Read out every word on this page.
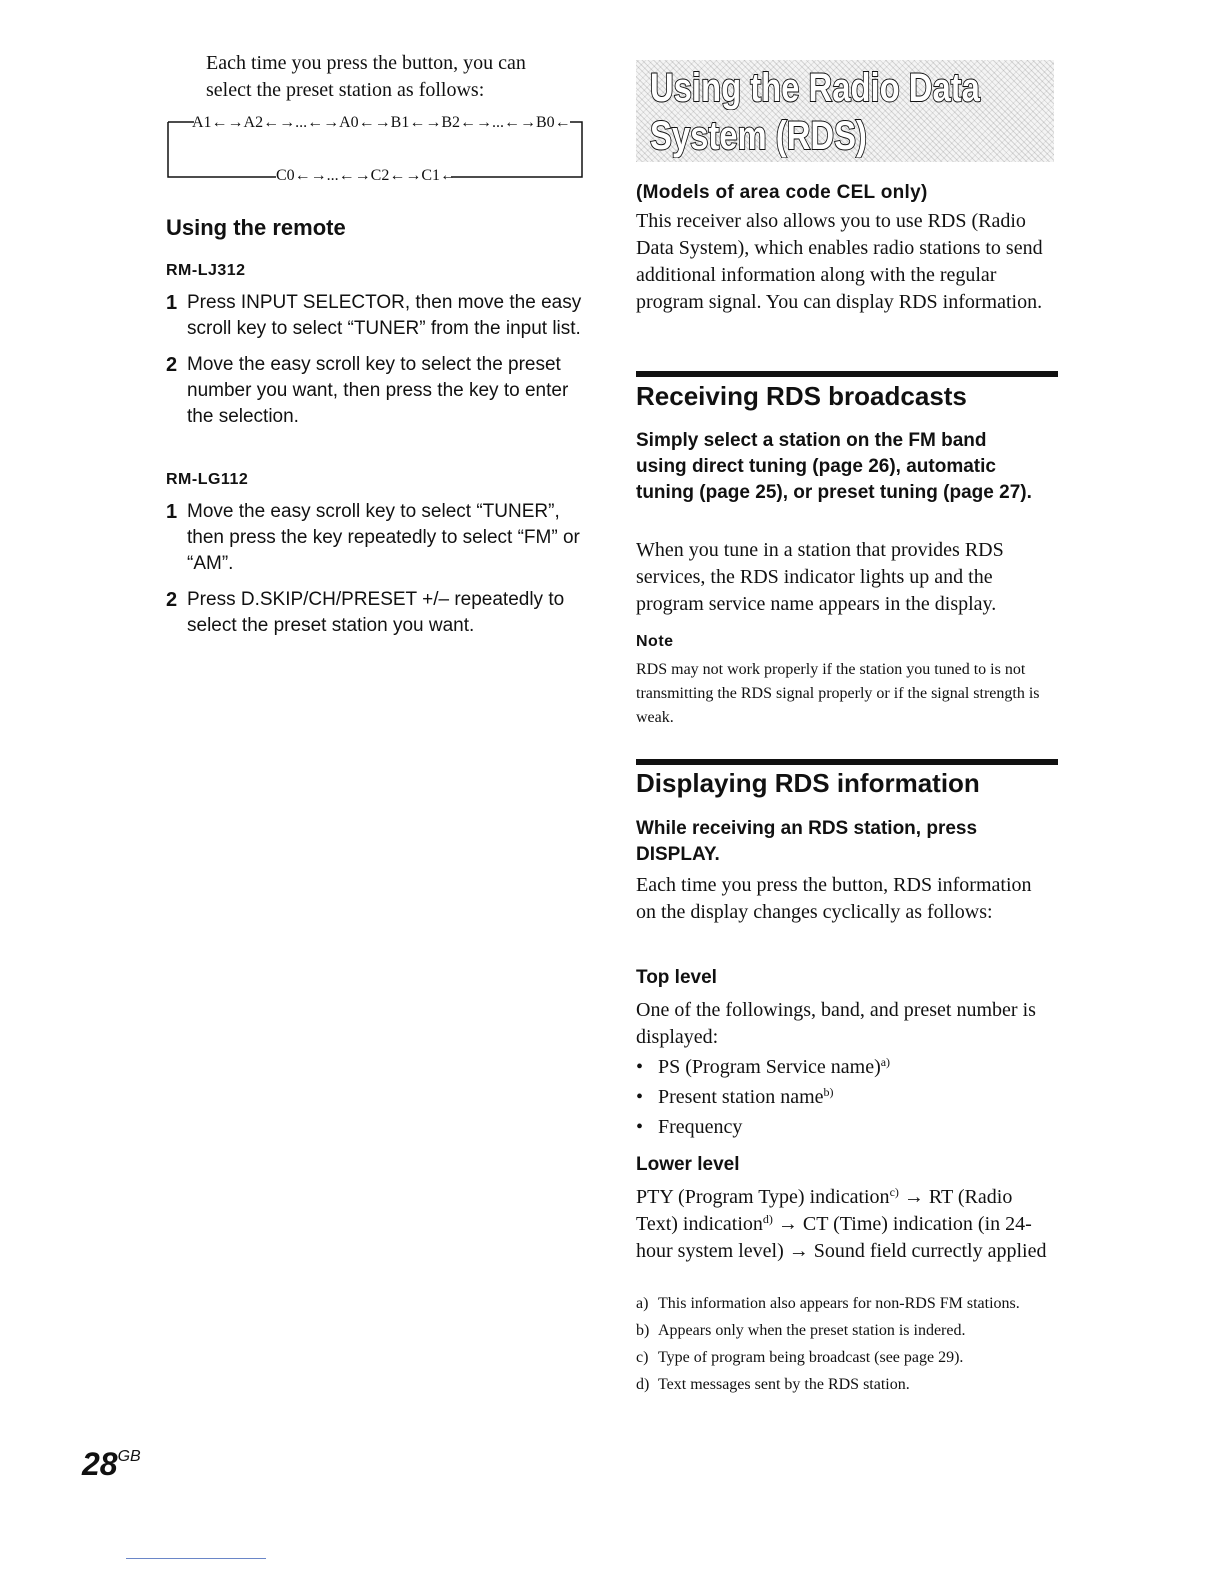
Each time you press the button, you can select the preset station as follows:
A1←→A2←→...←→A0←→B1←→B2←→...←→B0←
C0←→...←→C2←→C1←
Using the remote
RM-LJ312
1 Press INPUT SELECTOR, then move the easy scroll key to select “TUNER” from the input list.
2 Move the easy scroll key to select the preset number you want, then press the key to enter the selection.
RM-LG112
1 Move the easy scroll key to select “TUNER”, then press the key repeatedly to select “FM” or “AM”.
2 Press D.SKIP/CH/PRESET +/– repeatedly to select the preset station you want.
Using the Radio Data
System (RDS)
(Models of area code CEL only)
This receiver also allows you to use RDS (Radio Data System), which enables radio stations to send additional information along with the regular program signal. You can display RDS information.
Receiving RDS broadcasts
Simply select a station on the FM band using direct tuning (page 26), automatic tuning (page 25), or preset tuning (page 27).
When you tune in a station that provides RDS services, the RDS indicator lights up and the program service name appears in the display.
Note
RDS may not work properly if the station you tuned to is not transmitting the RDS signal properly or if the signal strength is weak.
Displaying RDS information
While receiving an RDS station, press DISPLAY.
Each time you press the button, RDS information on the display changes cyclically as follows:
Top level
One of the followings, band, and preset number is displayed:
• PS (Program Service name)$^{a)}$
• Present station name$^{b)}$
• Frequency
Lower level
PTY (Program Type) indication$^{c)}$ → RT (Radio Text) indication$^{d)}$ → CT (Time) indication (in 24-hour system level) → Sound field currectly applied
a) This information also appears for non-RDS FM stations.
b) Appears only when the preset station is indered.
c) Type of program being broadcast (see page 29).
d) Text messages sent by the RDS station.
$28^{GB}$
